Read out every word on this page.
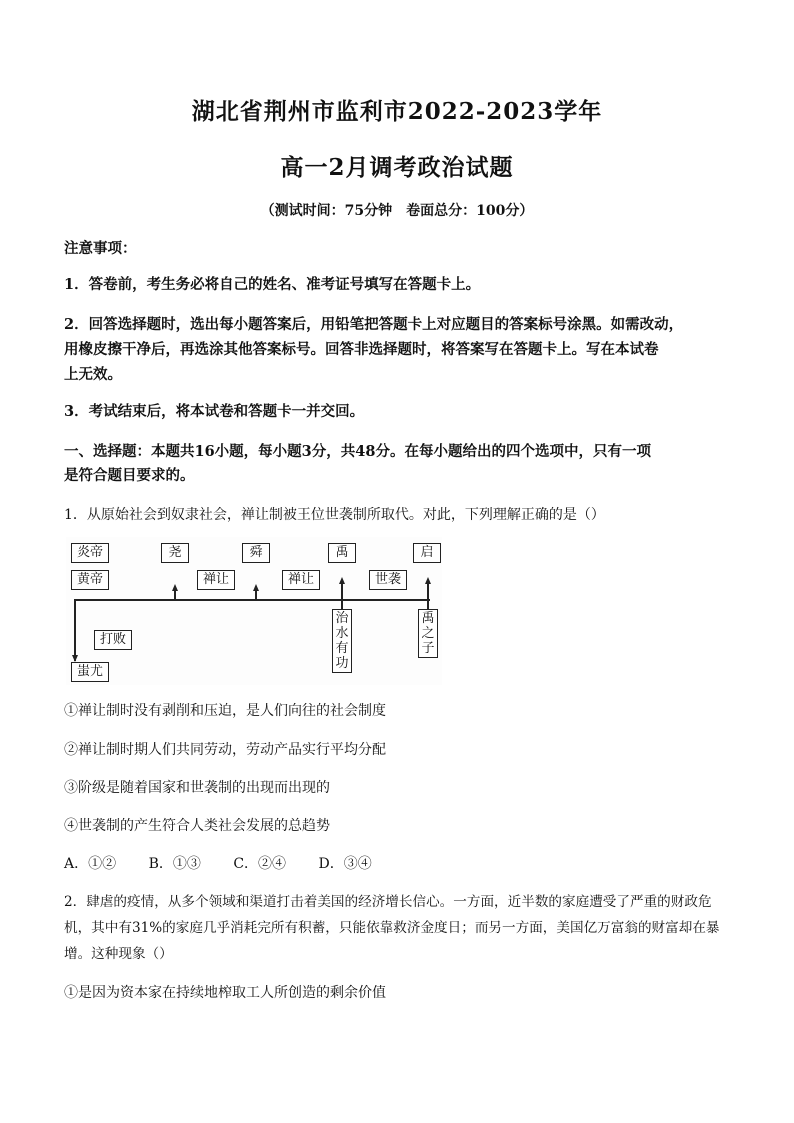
湖北省荆州市监利市2022-2023学年
高一2月调考政治试题
（测试时间：75分钟　卷面总分：100分）
注意事项：
1．答卷前，考生务必将自己的姓名、准考证号填写在答题卡上。
2．回答选择题时，选出每小题答案后，用铅笔把答题卡上对应题目的答案标号涂黑。如需改动，
用橡皮擦干净后，再选涂其他答案标号。回答非选择题时，将答案写在答题卡上。写在本试卷
上无效。
3．考试结束后，将本试卷和答题卡一并交回。
一、选择题：本题共16小题，每小题3分，共48分。在每小题给出的四个选项中，只有一项
是符合题目要求的。
1．从原始社会到奴隶社会，禅让制被王位世袭制所取代。对此，下列理解正确的是（）
炎帝
黄帝
尧	舜	禹	启
禅让	禅让	世袭
打败
蚩尤
治水有功
禹之子
①禅让制时没有剥削和压迫，是人们向往的社会制度
②禅让制时期人们共同劳动，劳动产品实行平均分配
③阶级是随着国家和世袭制的出现而出现的
④世袭制的产生符合人类社会发展的总趋势
A．①② B．①③ C．②④ D．③④
2．肆虐的疫情，从多个领域和渠道打击着美国的经济增长信心。一方面，近半数的家庭遭受了严重的财政危
机，其中有31%的家庭几乎消耗完所有积蓄，只能依靠救济金度日；而另一方面，美国亿万富翁的财富却在暴
增。这种现象（）
①是因为资本家在持续地榨取工人所创造的剩余价值
